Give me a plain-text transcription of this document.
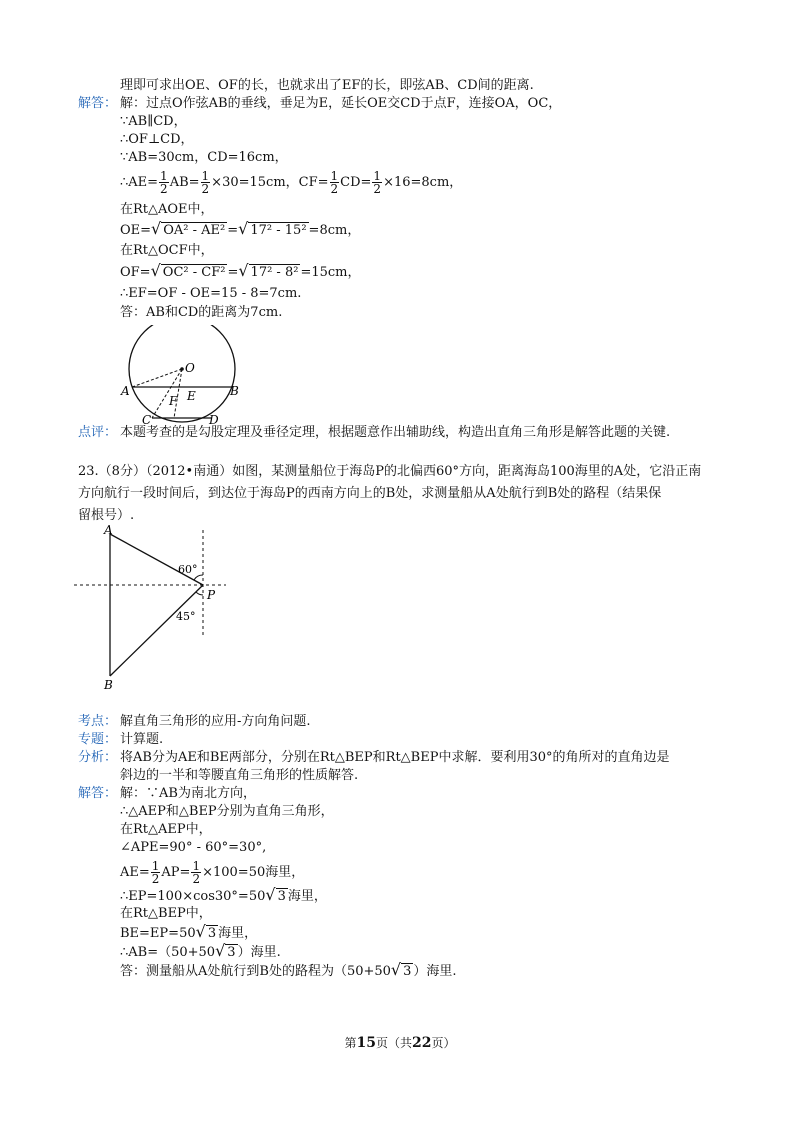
理即可求出OE、OF的长，也就求出了EF的长，即弦AB、CD间的距离.
解答： 解：过点O作弦AB的垂线，垂足为E，延长OE交CD于点F，连接OA，OC，
∵AB∥CD，
∴OF⊥CD，
∵AB=30cm，CD=16cm，
∴AE= $\frac{1}{2} AB= \frac{1}{2} \times 30=15cm$，$CF= \frac{1}{2} CD= \frac{1}{2} \times 16=8cm$，
在Rt△AOE中，
OE=√ OA² - AE² =√ 17² - 15² =8cm，
在Rt△OCF中，
OF=√ OC² - CF² =√ 17² - 8² =15cm，
∴EF=OF - OE=15 - 8=7cm.
答：AB和CD的距离为7cm.
O
A	B
E
F
C	D
点评： 本题考查的是勾股定理及垂径定理，根据题意作出辅助线，构造出直角三角形是解答此题的关键.
23.（8分）（2012•南通）如图，某测量船位于海岛P的北偏西60°方向，距离海岛100海里的A处，它沿正南
方向航行一段时间后，到达位于海岛P的西南方向上的B处，求测量船从A处航行到B处的路程（结果保
留根号）.
A
B
P
60°
45°
考点： 解直角三角形的应用-方向角问题.
专题： 计算题.
分析： 将AB分为AE和BE两部分，分别在Rt△BEP和Rt△BEP中求解．要利用30°的角所对的直角边是
斜边的一半和等腰直角三角形的性质解答.
解答： 解：∵AB为南北方向，
∴△AEP和△BEP分别为直角三角形，
在Rt△AEP中，
∠APE=90° - 60°=30°,
$AE= \frac{1}{2} AP= \frac{1}{2} \times 100=50$海里，
∴EP=100×cos30°=50√ 3 海里，
在Rt△BEP中，
BE=EP=50√ 3 海里，
∴AB=（50+50√ 3 ）海里.
答：测量船从A处航行到B处的路程为（50+50√ 3 ）海里.
第15页（共22页）
